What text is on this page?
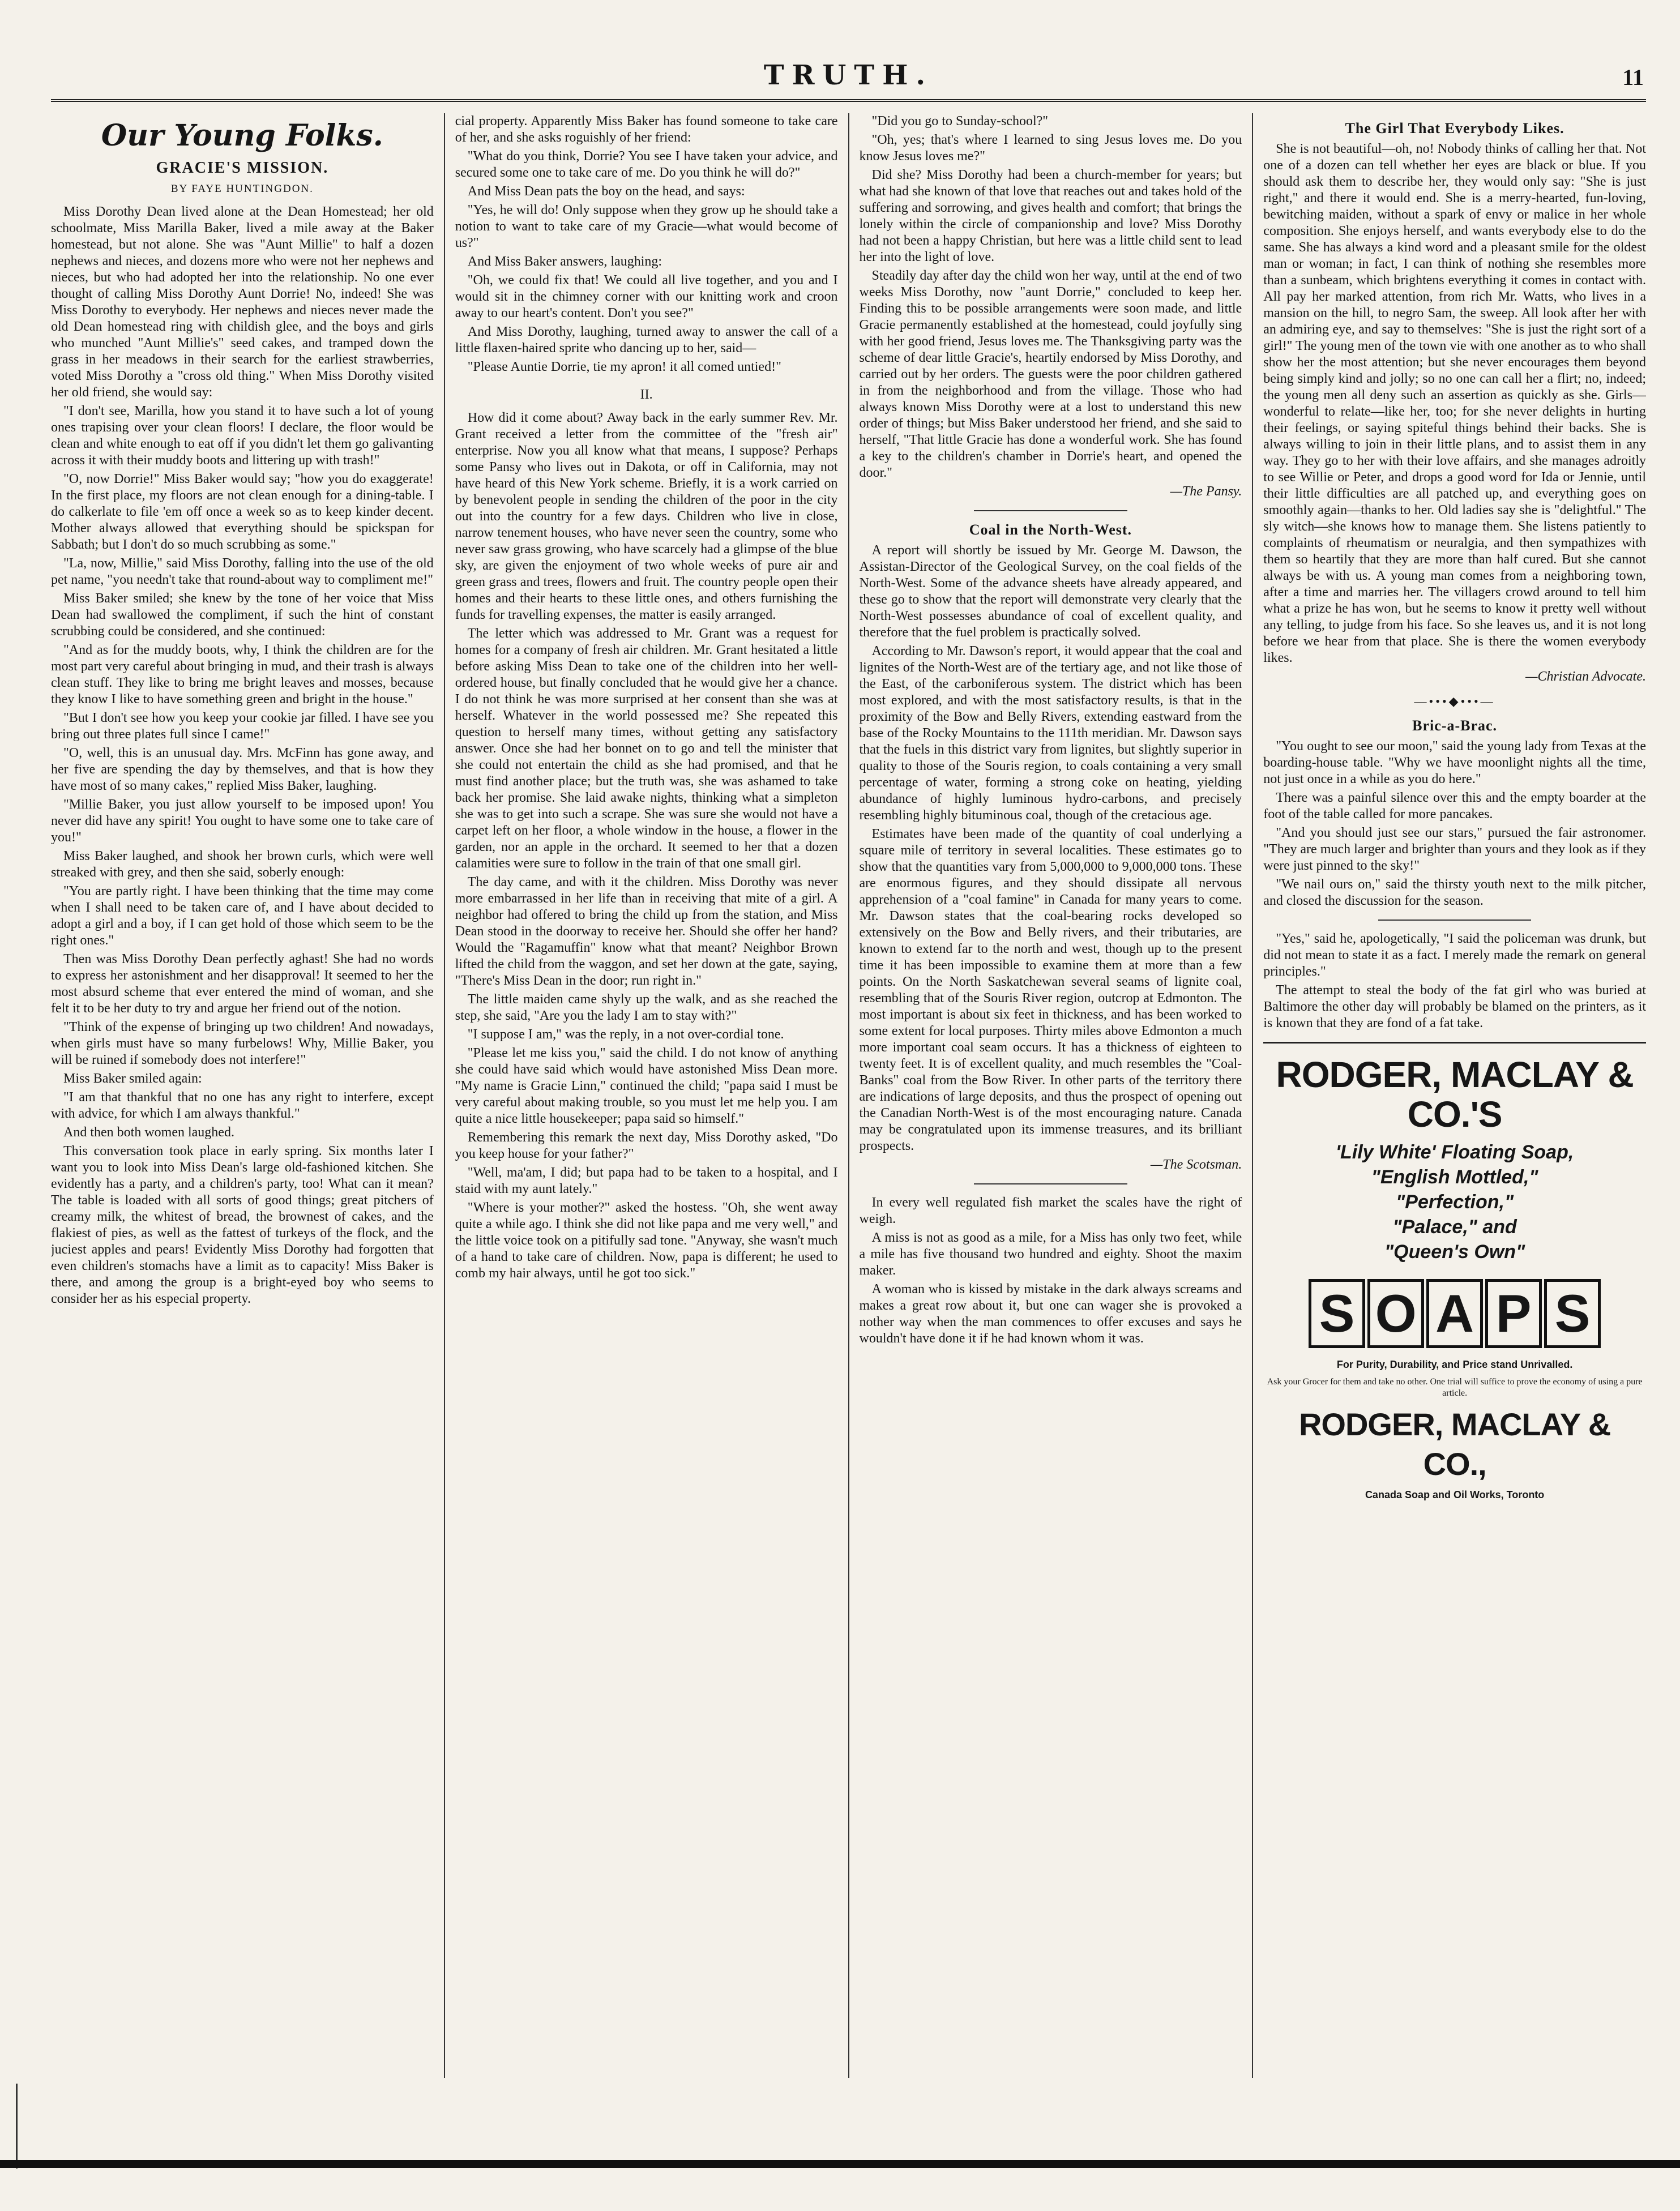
TRUTH.	11
Our Young Folks.
GRACIE'S MISSION.
BY FAYE HUNTINGDON.

Miss Dorothy Dean lived alone at the Dean Homestead; her old schoolmate, Miss Marilla Baker, lived a mile away at the Baker homestead, but not alone. She was "Aunt Millie" to half a dozen nephews and nieces, and dozens more who were not her nephews and nieces, but who had adopted her into the relationship. No one ever thought of calling Miss Dorothy Aunt Dorrie! No, indeed! She was Miss Dorothy to everybody. Her nephews and nieces never made the old Dean homestead ring with childish glee, and the boys and girls who munched "Aunt Millie's" seed cakes, and tramped down the grass in her meadows in their search for the earliest strawberries, voted Miss Dorothy a "cross old thing." When Miss Dorothy visited her old friend, she would say:

"I don't see, Marilla, how you stand it to have such a lot of young ones trapising over your clean floors! I declare, the floor would be clean and white enough to eat off if you didn't let them go galivanting across it with their muddy boots and littering up with trash!"

"O, now Dorrie!" Miss Baker would say; "how you do exaggerate! In the first place, my floors are not clean enough for a dining-table. I do calkerlate to file 'em off once a week so as to keep kinder decent. Mother always allowed that everything should be spickspan for Sabbath; but I don't do so much scrubbing as some."

"La, now, Millie," said Miss Dorothy, falling into the use of the old pet name, "you needn't take that round-about way to compliment me!"

Miss Baker smiled; she knew by the tone of her voice that Miss Dean had swallowed the compliment, if such the hint of constant scrubbing could be considered, and she continued:

"And as for the muddy boots, why, I think the children are for the most part very careful about bringing in mud, and their trash is always clean stuff. They like to bring me bright leaves and mosses, because they know I like to have something green and bright in the house."

"But I don't see how you keep your cookie jar filled. I have see you bring out three plates full since I came!"

"O, well, this is an unusual day. Mrs. McFinn has gone away, and her five are spending the day by themselves, and that is how they have most of so many cakes," replied Miss Baker, laughing.

"Millie Baker, you just allow yourself to be imposed upon! You never did have any spirit! You ought to have some one to take care of you!"

Miss Baker laughed, and shook her brown curls, which were well streaked with grey, and then she said, soberly enough:

"You are partly right. I have been thinking that the time may come when I shall need to be taken care of, and I have about decided to adopt a girl and a boy, if I can get hold of those which seem to be the right ones."

Then was Miss Dorothy Dean perfectly aghast! She had no words to express her astonishment and her disapproval! It seemed to her the most absurd scheme that ever entered the mind of woman, and she felt it to be her duty to try and argue her friend out of the notion.

"Think of the expense of bringing up two children! And nowadays, when girls must have so many furbelows! Why, Millie Baker, you will be ruined if somebody does not interfere!"

Miss Baker smiled again:

"I am that thankful that no one has any right to interfere, except with advice, for which I am always thankful."

And then both women laughed.

This conversation took place in early spring. Six months later I want you to look into Miss Dean's large old-fashioned kitchen. She evidently has a party, and a children's party, too! What can it mean? The table is loaded with all sorts of good things; great pitchers of creamy milk, the whitest of bread, the brownest of cakes, and the flakiest of pies, as well as the fattest of turkeys of the flock, and the juciest apples and pears! Evidently Miss Dorothy had forgotten that even children's stomachs have a limit as to capacity! Miss Baker is there, and among the group is a bright-eyed boy who seems to consider her as his especial property.

cial property. Apparently Miss Baker has found someone to take care of her, and she asks roguishly of her friend:

"What do you think, Dorrie? You see I have taken your advice, and secured some one to take care of me. Do you think he will do?"

And Miss Dean pats the boy on the head, and says:

"Yes, he will do! Only suppose when they grow up he should take a notion to want to take care of my Gracie—what would become of us?"

And Miss Baker answers, laughing:

"Oh, we could fix that! We could all live together, and you and I would sit in the chimney corner with our knitting work and croon away to our heart's content. Don't you see?"

And Miss Dorothy, laughing, turned away to answer the call of a little flaxen-haired sprite who dancing up to her, said—

"Please Auntie Dorrie, tie my apron! it all comed untied!"

II.

How did it come about? Away back in the early summer Rev. Mr. Grant received a letter from the committee of the "fresh air" enterprise. Now you all know what that means, I suppose? Perhaps some Pansy who lives out in Dakota, or off in California, may not have heard of this New York scheme. Briefly, it is a work carried on by benevolent people in sending the children of the poor in the city out into the country for a few days. Children who live in close, narrow tenement houses, who have never seen the country, some who never saw grass growing, who have scarcely had a glimpse of the blue sky, are given the enjoyment of two whole weeks of pure air and green grass and trees, flowers and fruit. The country people open their homes and their hearts to these little ones, and others furnishing the funds for travelling expenses, the matter is easily arranged.

The letter which was addressed to Mr. Grant was a request for homes for a company of fresh air children. Mr. Grant hesitated a little before asking Miss Dean to take one of the children into her well-ordered house, but finally concluded that he would give her a chance. I do not think he was more surprised at her consent than she was at herself. Whatever in the world possessed me? She repeated this question to herself many times, without getting any satisfactory answer. Once she had her bonnet on to go and tell the minister that she could not entertain the child as she had promised, and that he must find another place; but the truth was, she was ashamed to take back her promise. She laid awake nights, thinking what a simpleton she was to get into such a scrape. She was sure she would not have a carpet left on her floor, a whole window in the house, a flower in the garden, nor an apple in the orchard. It seemed to her that a dozen calamities were sure to follow in the train of that one small girl.

The day came, and with it the children. Miss Dorothy was never more embarrassed in her life than in receiving that mite of a girl. A neighbor had offered to bring the child up from the station, and Miss Dean stood in the doorway to receive her. Should she offer her hand? Would the "Ragamuffin" know what that meant? Neighbor Brown lifted the child from the waggon, and set her down at the gate, saying, "There's Miss Dean in the door; run right in."

The little maiden came shyly up the walk, and as she reached the step, she said, "Are you the lady I am to stay with?"

"I suppose I am," was the reply, in a not over-cordial tone.

"Please let me kiss you," said the child. I do not know of anything she could have said which would have astonished Miss Dean more. "My name is Gracie Linn," continued the child; "papa said I must be very careful about making trouble, so you must let me help you. I am quite a nice little housekeeper; papa said so himself."

Remembering this remark the next day, Miss Dorothy asked, "Do you keep house for your father?"

"Well, ma'am, I did; but papa had to be taken to a hospital, and I staid with my aunt lately."

"Where is your mother?" asked the hostess. "Oh, she went away quite a while ago. I think she did not like papa and me very well," and the little voice took on a pitifully sad tone. "Anyway, she wasn't much of a hand to take care of children. Now, papa is different; he used to comb my hair always, until he got too sick."

"Did you go to Sunday-school?"

"Oh, yes; that's where I learned to sing Jesus loves me. Do you know Jesus loves me?"

Did she? Miss Dorothy had been a church-member for years; but what had she known of that love that reaches out and takes hold of the suffering and sorrowing, and gives health and comfort; that brings the lonely within the circle of companionship and love? Miss Dorothy had not been a happy Christian, but here was a little child sent to lead her into the light of love.

Steadily day after day the child won her way, until at the end of two weeks Miss Dorothy, now "aunt Dorrie," concluded to keep her. Finding this to be possible arrangements were soon made, and little Gracie permanently established at the homestead, could joyfully sing with her good friend, Jesus loves me. The Thanksgiving party was the scheme of dear little Gracie's, heartily endorsed by Miss Dorothy, and carried out by her orders. The guests were the poor children gathered in from the neighborhood and from the village. Those who had always known Miss Dorothy were at a lost to understand this new order of things; but Miss Baker understood her friend, and she said to herself, "That little Gracie has done a wonderful work. She has found a key to the children's chamber in Dorrie's heart, and opened the door."

—The Pansy.

Coal in the North-West.

A report will shortly be issued by Mr. George M. Dawson, the Assistan-Director of the Geological Survey, on the coal fields of the North-West. Some of the advance sheets have already appeared, and these go to show that the report will demonstrate very clearly that the North-West possesses abundance of coal of excellent quality, and therefore that the fuel problem is practically solved.

According to Mr. Dawson's report, it would appear that the coal and lignites of the North-West are of the tertiary age, and not like those of the East, of the carboniferous system. The district which has been most explored, and with the most satisfactory results, is that in the proximity of the Bow and Belly Rivers, extending eastward from the base of the Rocky Mountains to the 111th meridian. Mr. Dawson says that the fuels in this district vary from lignites, but slightly superior in quality to those of the Souris region, to coals containing a very small percentage of water, forming a strong coke on heating, yielding abundance of highly luminous hydro-carbons, and precisely resembling highly bituminous coal, though of the cretacious age.

Estimates have been made of the quantity of coal underlying a square mile of territory in several localities. These estimates go to show that the quantities vary from 5,000,000 to 9,000,000 tons. These are enormous figures, and they should dissipate all nervous apprehension of a "coal famine" in Canada for many years to come. Mr. Dawson states that the coal-bearing rocks developed so extensively on the Bow and Belly rivers, and their tributaries, are known to extend far to the north and west, though up to the present time it has been impossible to examine them at more than a few points. On the North Saskatchewan several seams of lignite coal, resembling that of the Souris River region, outcrop at Edmonton. The most important is about six feet in thickness, and has been worked to some extent for local purposes. Thirty miles above Edmonton a much more important coal seam occurs. It has a thickness of eighteen to twenty feet. It is of excellent quality, and much resembles the "Coal-Banks" coal from the Bow River. In other parts of the territory there are indications of large deposits, and thus the prospect of opening out the Canadian North-West is of the most encouraging nature. Canada may be congratulated upon its immense treasures, and its brilliant prospects.

—The Scotsman.

In every well regulated fish market the scales have the right of weigh.

A miss is not as good as a mile, for a Miss has only two feet, while a mile has five thousand two hundred and eighty. Shoot the maxim maker.

A woman who is kissed by mistake in the dark always screams and makes a great row about it, but one can wager she is provoked a nother way when the man commences to offer excuses and says he wouldn't have done it if he had known whom it was.

The Girl That Everybody Likes.

She is not beautiful—oh, no! Nobody thinks of calling her that. Not one of a dozen can tell whether her eyes are black or blue. If you should ask them to describe her, they would only say: "She is just right," and there it would end. She is a merry-hearted, fun-loving, bewitching maiden, without a spark of envy or malice in her whole composition. She enjoys herself, and wants everybody else to do the same. She has always a kind word and a pleasant smile for the oldest man or woman; in fact, I can think of nothing she resembles more than a sunbeam, which brightens everything it comes in contact with. All pay her marked attention, from rich Mr. Watts, who lives in a mansion on the hill, to negro Sam, the sweep. All look after her with an admiring eye, and say to themselves: "She is just the right sort of a girl!" The young men of the town vie with one another as to who shall show her the most attention; but she never encourages them beyond being simply kind and jolly; so no one can call her a flirt; no, indeed; the young men all deny such an assertion as quickly as she. Girls—wonderful to relate—like her, too; for she never delights in hurting their feelings, or saying spiteful things behind their backs. She is always willing to join in their little plans, and to assist them in any way. They go to her with their love affairs, and she manages adroitly to see Willie or Peter, and drops a good word for Ida or Jennie, until their little difficulties are all patched up, and everything goes on smoothly again—thanks to her. Old ladies say she is "delightful." The sly witch—she knows how to manage them. She listens patiently to complaints of rheumatism or neuralgia, and then sympathizes with them so heartily that they are more than half cured. But she cannot always be with us. A young man comes from a neighboring town, after a time and marries her. The villagers crowd around to tell him what a prize he has won, but he seems to know it pretty well without any telling, to judge from his face. So she leaves us, and it is not long before we hear from that place. She is there the women everybody likes.

—Christian Advocate.

—•••◆•••—
Bric-a-Brac.

"You ought to see our moon," said the young lady from Texas at the boarding-house table. "Why we have moonlight nights all the time, not just once in a while as you do here."

There was a painful silence over this and the empty boarder at the foot of the table called for more pancakes.

"And you should just see our stars," pursued the fair astronomer. "They are much larger and brighter than yours and they look as if they were just pinned to the sky!"

"We nail ours on," said the thirsty youth next to the milk pitcher, and closed the discussion for the season.

"Yes," said he, apologetically, "I said the policeman was drunk, but did not mean to state it as a fact. I merely made the remark on general principles."

The attempt to steal the body of the fat girl who was buried at Baltimore the other day will probably be blamed on the printers, as it is known that they are fond of a fat take.

RODGER, MACLAY & CO.'S
'Lily White' Floating Soap,
"English Mottled,"
"Perfection,"
"Palace," and
"Queen's Own"
S O A P S
For Purity, Durability, and Price stand Unrivalled.
Ask your Grocer for them and take no other. One trial will suffice to prove the economy of using a pure article.
RODGER, MACLAY & CO.,
Canada Soap and Oil Works, Toronto
